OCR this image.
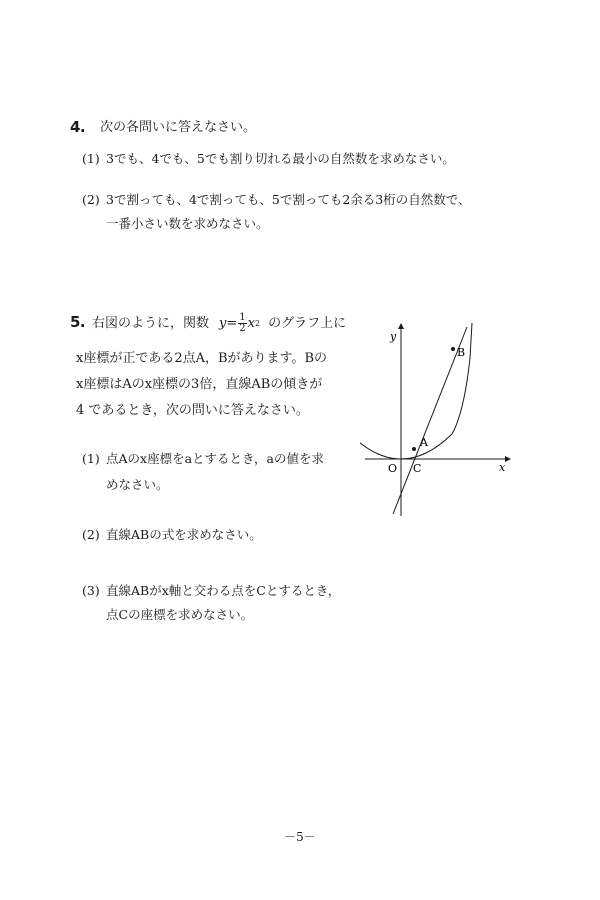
4. 次の各問いに答えなさい。
(1) 3でも、4でも、5でも割り切れる最小の自然数を求めなさい。
(2) 3で割っても、4で割っても、5で割っても2余る3桁の自然数で、
一番小さい数を求めなさい。
5. 右図のように，関数 $y = \frac{1}{2}$ x 2 のグラフ上に
x座標が正である2点A，Bがあります。Bの
x座標はAのx座標の3倍，直線ABの傾きが
4 であるとき，次の問いに答えなさい。
(1) 点Aのx座標をaとするとき，aの値を求
めなさい。
(2) 直線ABの式を求めなさい。
(3) 直線ABがx軸と交わる点をCとするとき，
点Cの座標を求めなさい。
y
x
O
A
B
C
－5－
